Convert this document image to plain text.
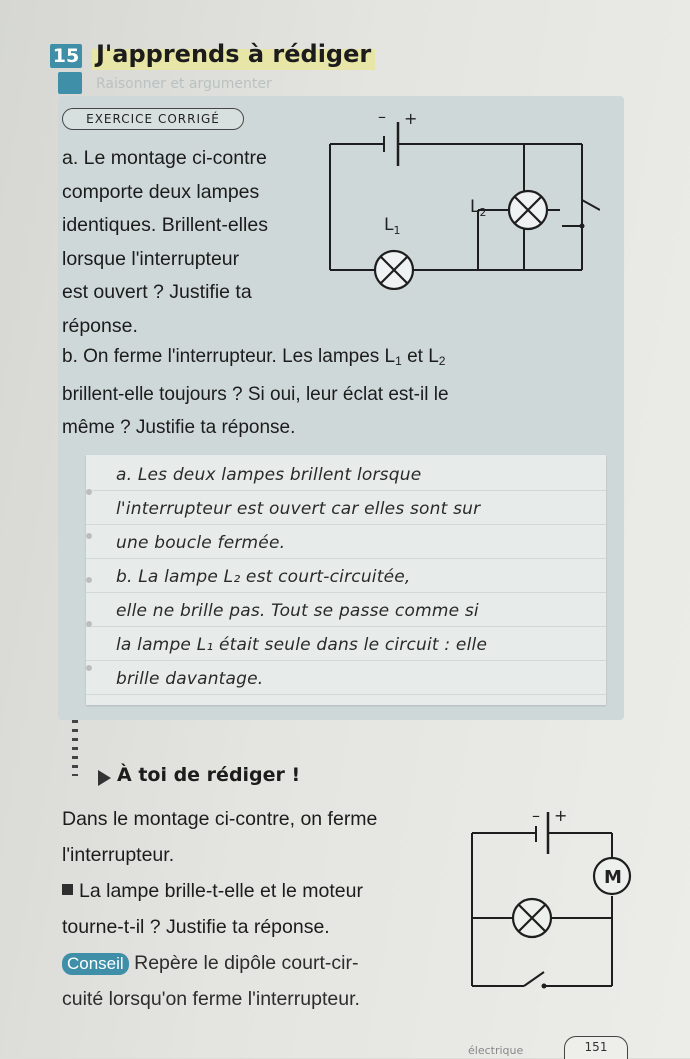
15 J'apprends à rédiger
Raisonner et argumenter
EXERCICE CORRIGÉ
a. Le montage ci-contre
comporte deux lampes
identiques. Brillent-elles
lorsque l'interrupteur
est ouvert ? Justifie ta
réponse.
– +
$L_2$
$L_1$
b. On ferme l'interrupteur. Les lampes $L_1$ et $L_2$
brillent-elle toujours ? Si oui, leur éclat est-il le
même ? Justifie ta réponse.
a. Les deux lampes brillent lorsque
l'interrupteur est ouvert car elles sont sur
une boucle fermée.
b. La lampe L₂ est court-circuitée,
elle ne brille pas. Tout se passe comme si
la lampe L₁ était seule dans le circuit : elle
brille davantage.
À toi de rédiger !
Dans le montage ci-contre, on ferme
l'interrupteur.
La lampe brille-t-elle et le moteur
tourne-t-il ? Justifie ta réponse.
Conseil Repère le dipôle court-cir-
cuité lorsqu'on ferme l'interrupteur.
M
– +
électrique	151
